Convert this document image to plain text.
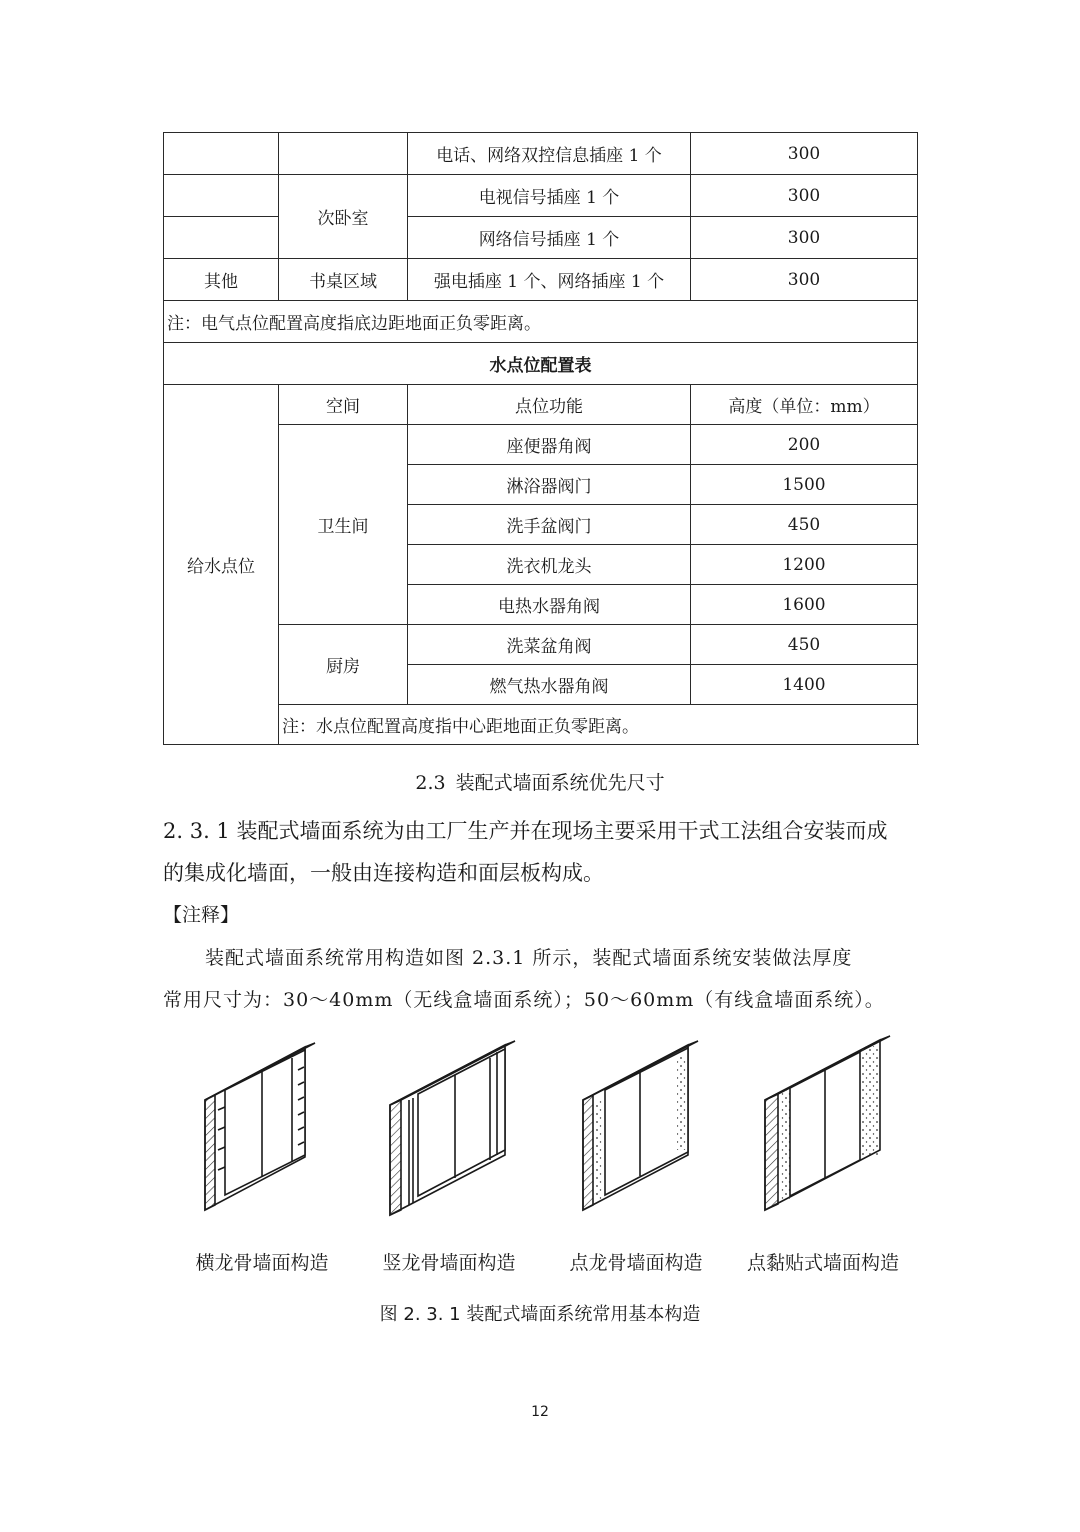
		电话、网络双控信息插座 1 个	300
	次卧室	电视信号插座 1 个	300
		网络信号插座 1 个	300
其他	书桌区域	强电插座 1 个、网络插座 1 个	300
注：电气点位配置高度指底边距地面正负零距离。			
水点位配置表			
给水点位	空间	点位功能	高度（单位：mm）
	卫生间	座便器角阀	200
		淋浴器阀门	1500
		洗手盆阀门	450
		洗衣机龙头	1200
		电热水器角阀	1600
	厨房	洗菜盆角阀	450
		燃气热水器角阀	1400
	注：水点位配置高度指中心距地面正负零距离。		
2.3 装配式墙面系统优先尺寸
2. 3. 1 装配式墙面系统为由工厂生产并在现场主要采用干式工法组合安装而成
的集成化墙面，一般由连接构造和面层板构成。
【注释】
装配式墙面系统常用构造如图 2.3.1 所示，装配式墙面系统安装做法厚度
常用尺寸为：30～40mm（无线盒墙面系统）；50～60mm（有线盒墙面系统）。
横龙骨墙面构造	竖龙骨墙面构造	点龙骨墙面构造	点黏贴式墙面构造
图 2. 3. 1 装配式墙面系统常用基本构造
12
